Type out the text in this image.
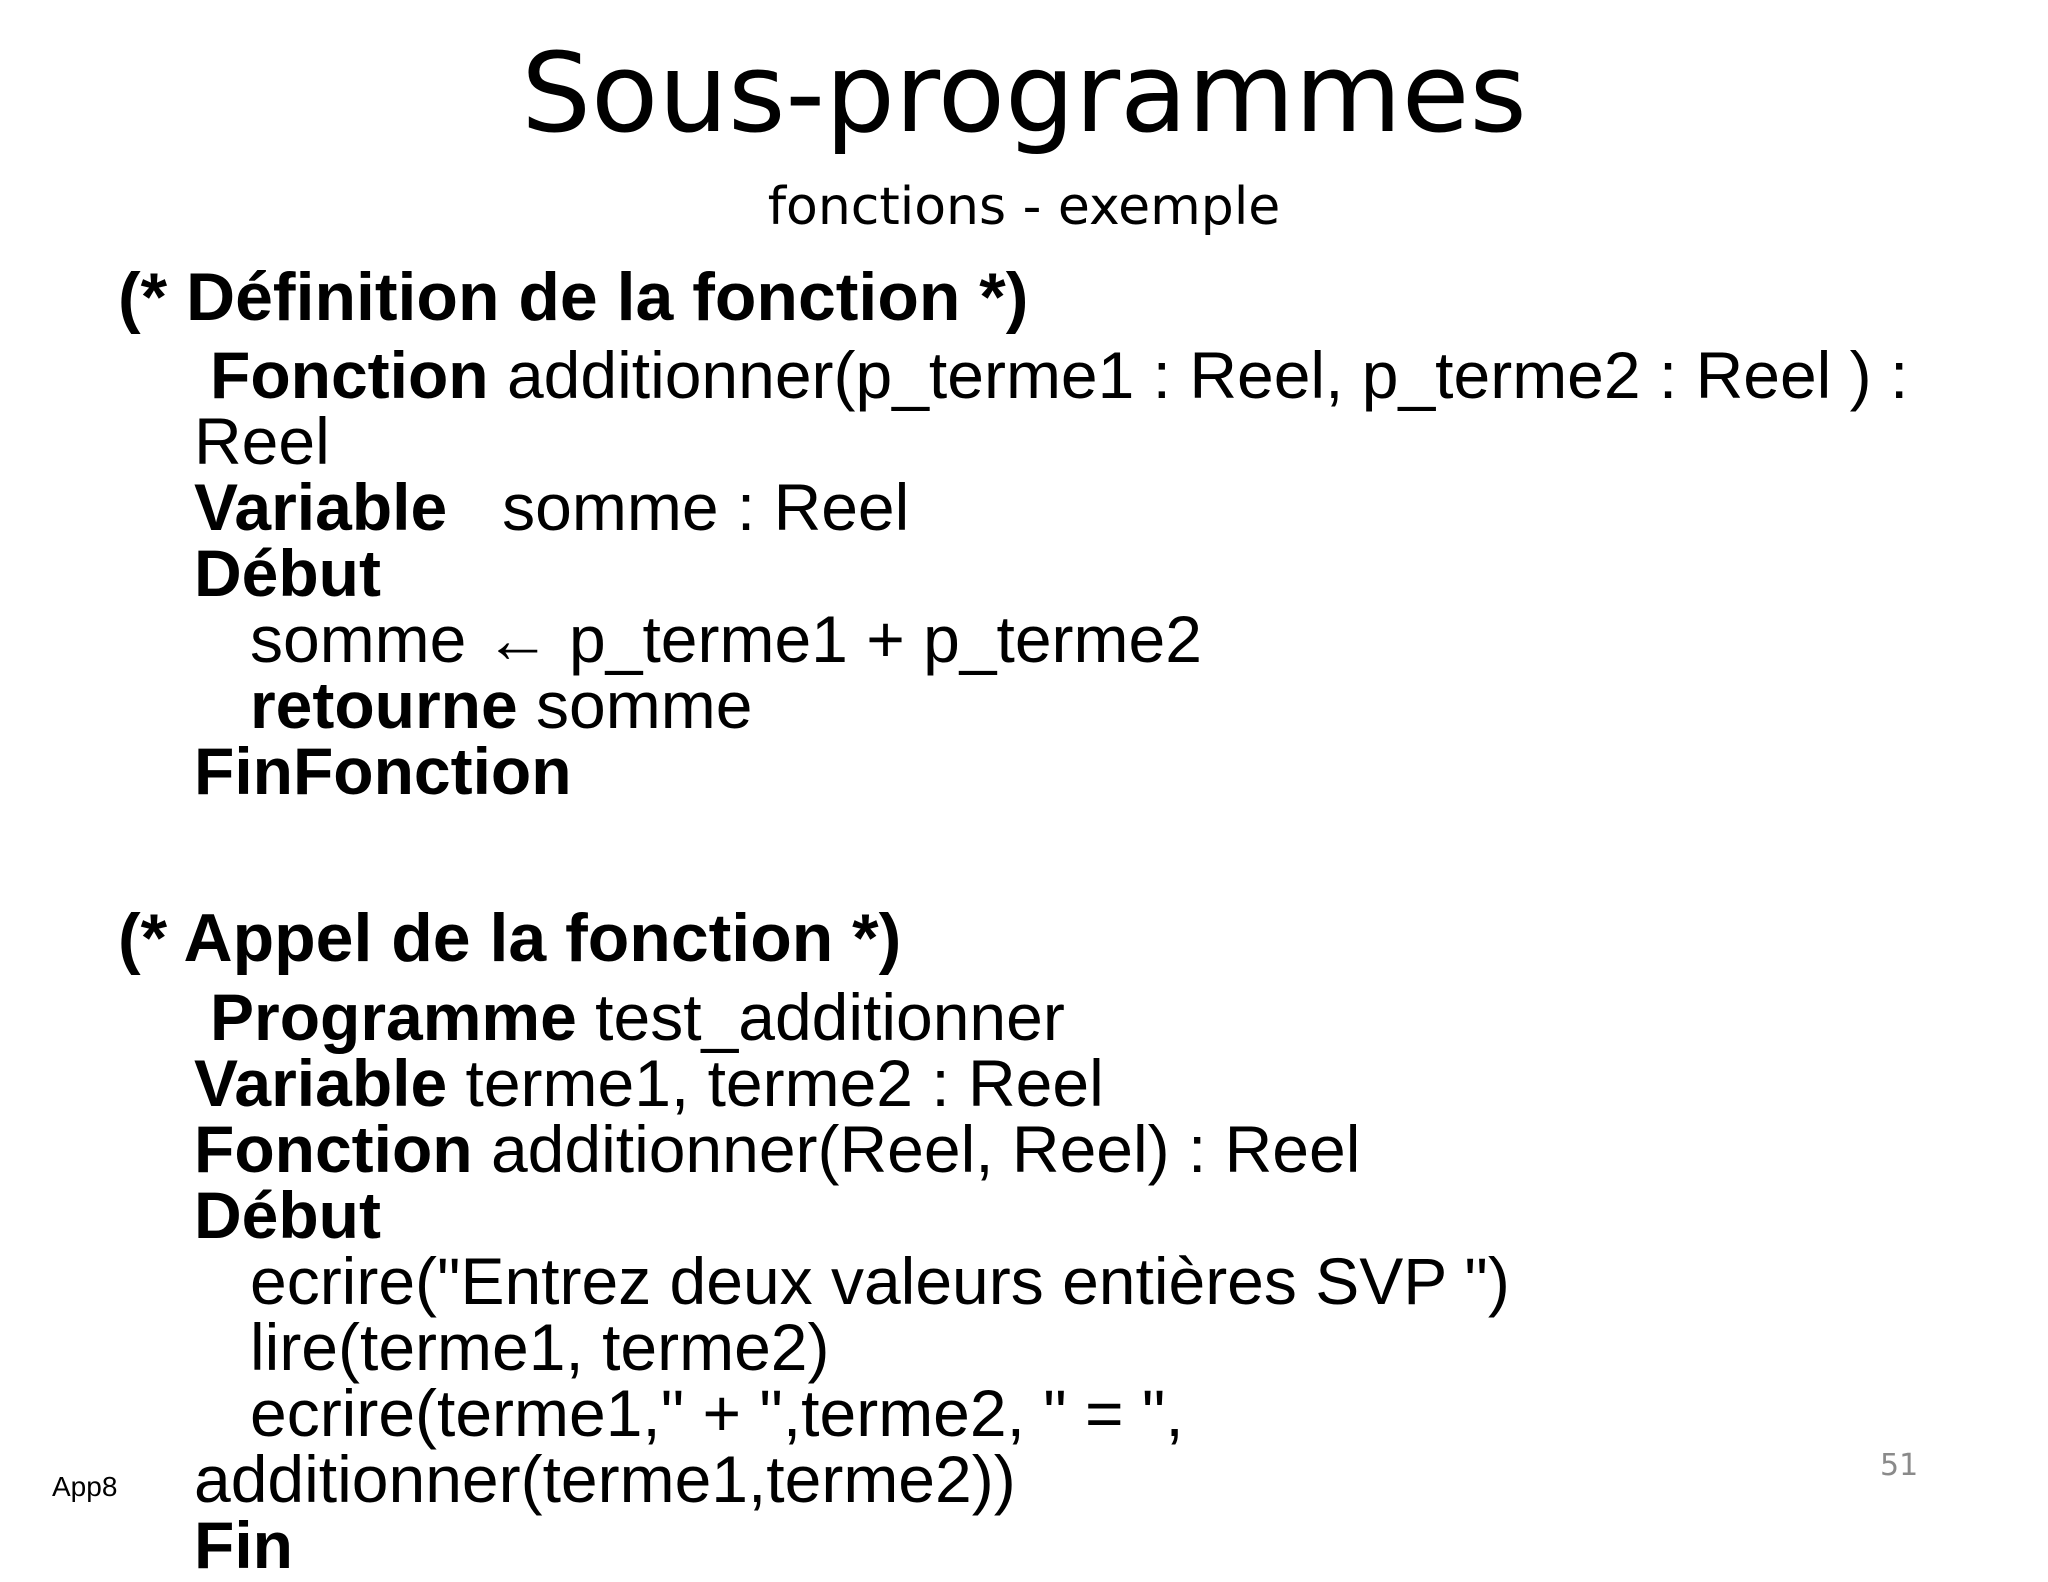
Sous-programmes
fonctions - exemple
(* Définition de la fonction *)
Fonction additionner(p_terme1 : Reel, p_terme2 : Reel ) :
Reel
Variable   somme : Reel
Début
somme ← p_terme1 + p_terme2
retourne somme
FinFonction
(* Appel de la fonction *)
Programme test_additionner
Variable terme1, terme2 : Reel
Fonction additionner(Reel, Reel) : Reel
Début
ecrire("Entrez deux valeurs entières SVP ")
lire(terme1, terme2)
ecrire(terme1," + ",terme2, " = ",
additionner(terme1,terme2))
Fin
App8
51
